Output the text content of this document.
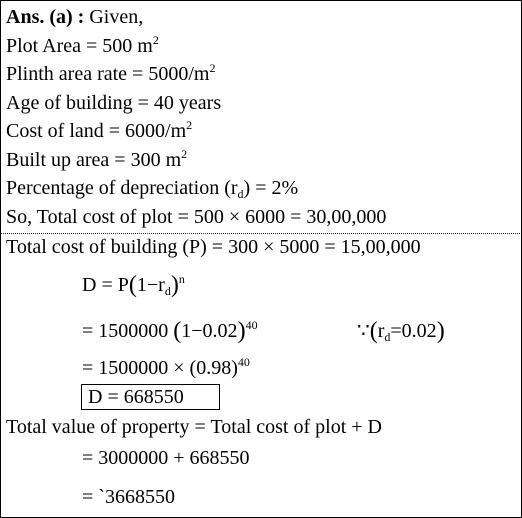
Ans. (a) : Given,
Plot Area = 500 $m^2$
Plinth area rate = $5000/m^2$
Age of building = 40 years
Cost of land = $6000/m^2$
Built up area = 300 $m^2$
Percentage of depreciation $(r_d) = 2\%$
So, Total cost of plot = 500 × 6000 = 30,00,000
Total cost of building (P) = 300 × 5000 = 15,00,000
$D = P(1-r_d)^n$
= 1500000 $(1-0.02)^{40}$	$\because(r_d=0.02)$
= $1500000 \times (0.98)^{40}$
D = 668550
Total value of property = Total cost of plot + D
= 3000000 + 668550
= `3668550
